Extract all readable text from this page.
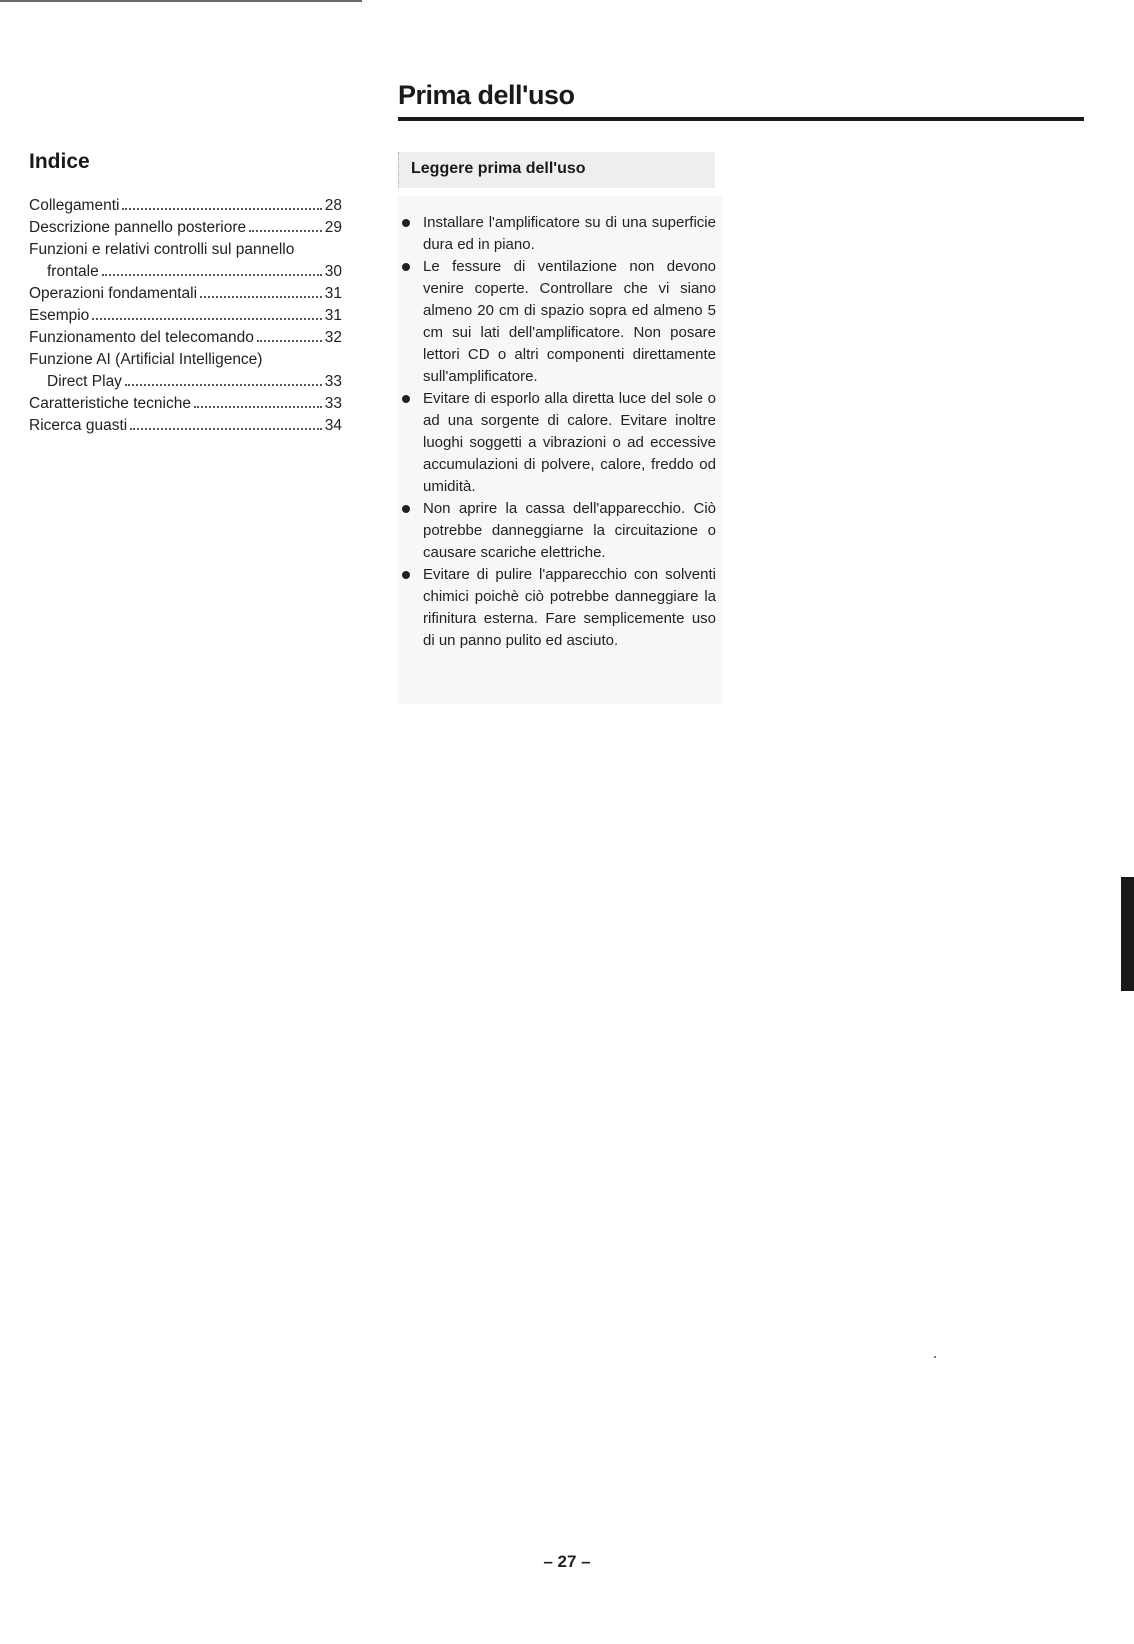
Prima dell'uso
Indice
Collegamenti	28
Descrizione pannello posteriore	29
Funzioni e relativi controlli sul pannello
frontale	30
Operazioni fondamentali	31
Esempio	31
Funzionamento del telecomando	32
Funzione AI (Artificial Intelligence)
Direct Play	33
Caratteristiche tecniche	33
Ricerca guasti	34
Leggere prima dell'uso
Installare l'amplificatore su di una superficie dura ed in piano.
Le fessure di ventilazione non devono venire coperte. Controllare che vi siano almeno 20 cm di spazio sopra ed almeno 5 cm sui lati dell'amplificatore. Non posare lettori CD o altri componenti direttamente sull'amplificatore.
Evitare di esporlo alla diretta luce del sole o ad una sorgente di calore. Evitare inoltre luoghi soggetti a vibrazioni o ad eccessive accumulazioni di polvere, calore, freddo od umidità.
Non aprire la cassa dell'apparecchio. Ciò potrebbe danneggiarne la circuitazione o causare scariche elettriche.
Evitare di pulire l'apparecchio con solventi chimici poichè ciò potrebbe danneggiare la rifinitura esterna. Fare semplicemente uso di un panno pulito ed asciuto.
– 27 –
